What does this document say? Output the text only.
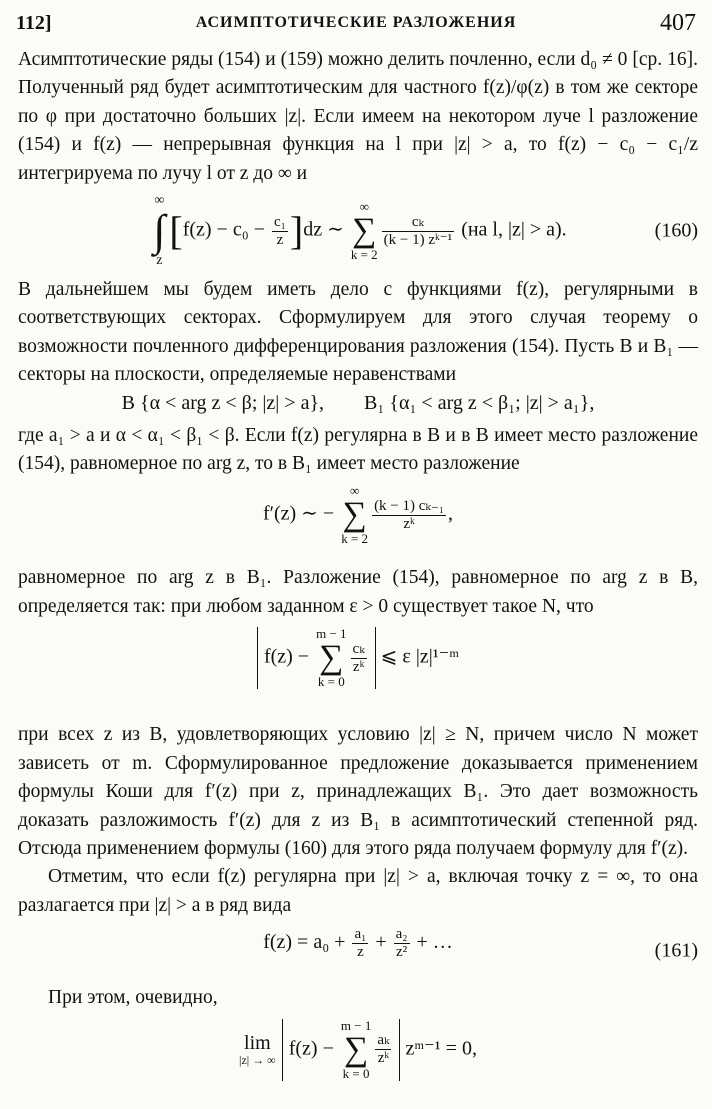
112]	АСИМПТОТИЧЕСКИЕ РАЗЛОЖЕНИЯ	407

Асимптотические ряды (154) и (159) можно делить почленно, если d₀ ≠ 0 [ср. 16]. Полученный ряд будет асимптотическим для частного f(z)/φ(z) в том же секторе по φ при достаточно больших |z|. Если имеем на некотором луче l разложение (154) и f(z) — непрерывная функция на l при |z| > a, то f(z) − c₀ − c₁/z интегрируема по лучу l от z до ∞ и

∞
∫
z
$[f(z) - c_0 - \frac{\text{c₁}}{z} ]dz$ ∼
∞
∑
k = 2
$\frac{\text{cₖ}}{\text{(k − 1) zᵏ⁻¹}} (на$ l, |z| > a).	(160)

В дальнейшем мы будем иметь дело с функциями f(z), регулярными в соответствующих секторах. Сформулируем для этого случая теорему о возможности почленного дифференцирования разложения (154). Пусть B и B₁ — секторы на плоскости, определяемые неравенствами

B {α < arg z < β; |z| > a}, B₁ {α₁ < arg z < β₁; |z| > a₁},

где a₁ > a и α < α₁ < β₁ < β. Если f(z) регулярна в B и в B имеет место разложение (154), равномерное по arg z, то в B₁ имеет место разложение

f′(z) ∼ −
∞
∑
k = 2
$\frac{\text{(k − 1) cₖ₋₁}}{\text{zᵏ}}$ ,

равномерное по arg z в B₁. Разложение (154), равномерное по arg z в B, определяется так: при любом заданном ε > 0 существует такое N, что

f(z) −
m − 1
∑
k = 0
$\frac{\text{cₖ}}{\text{zᵏ}}$ ⩽ ε |z|¹⁻ᵐ

при всех z из B, удовлетворяющих условию |z| ≥ N, причем число N может зависеть от m. Сформулированное предложение доказывается применением формулы Коши для f′(z) при z, принадлежащих B₁. Это дает возможность доказать разложимость f′(z) для z из B₁ в асимптотический степенной ряд. Отсюда применением формулы (160) для этого ряда получаем формулу для f′(z).

Отметим, что если f(z) регулярна при |z| > a, включая точку z = ∞, то она разлагается при |z| > a в ряд вида

$f(z) = a_0 + \frac{\text{a₁}}{z} + \frac{\text{a₂}}{\text{z²}}$ + …	(161)

При этом, очевидно,

lim
|z| → ∞
f(z) −
m − 1
∑
k = 0
$\frac{\text{aₖ}}{\text{zᵏ}}$ zᵐ⁻¹ = 0,
